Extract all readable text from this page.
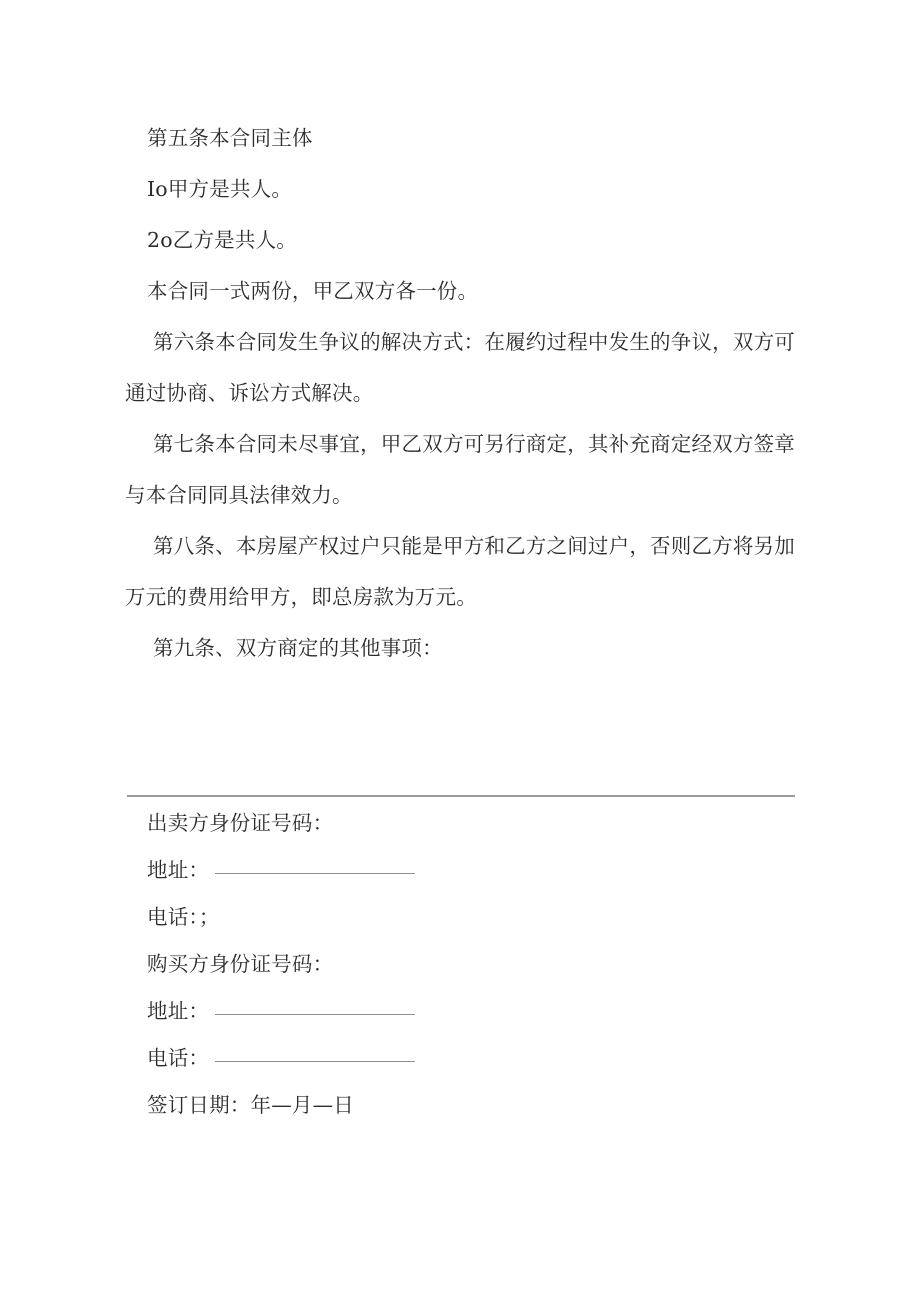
第五条本合同主体

Io甲方是共人。

2o乙方是共人。

本合同一式两份，甲乙双方各一份。

第六条本合同发生争议的解决方式：在履约过程中发生的争议，双方可通过协商、诉讼方式解决。

第七条本合同未尽事宜，甲乙双方可另行商定，其补充商定经双方签章与本合同同具法律效力。

第八条、本房屋产权过户只能是甲方和乙方之间过户，否则乙方将另加万元的费用给甲方，即总房款为万元。

第九条、双方商定的其他事项：

出卖方身份证号码：

地址：

电话：；

购买方身份证号码：

地址：

电话：

签订日期：年—月—日
